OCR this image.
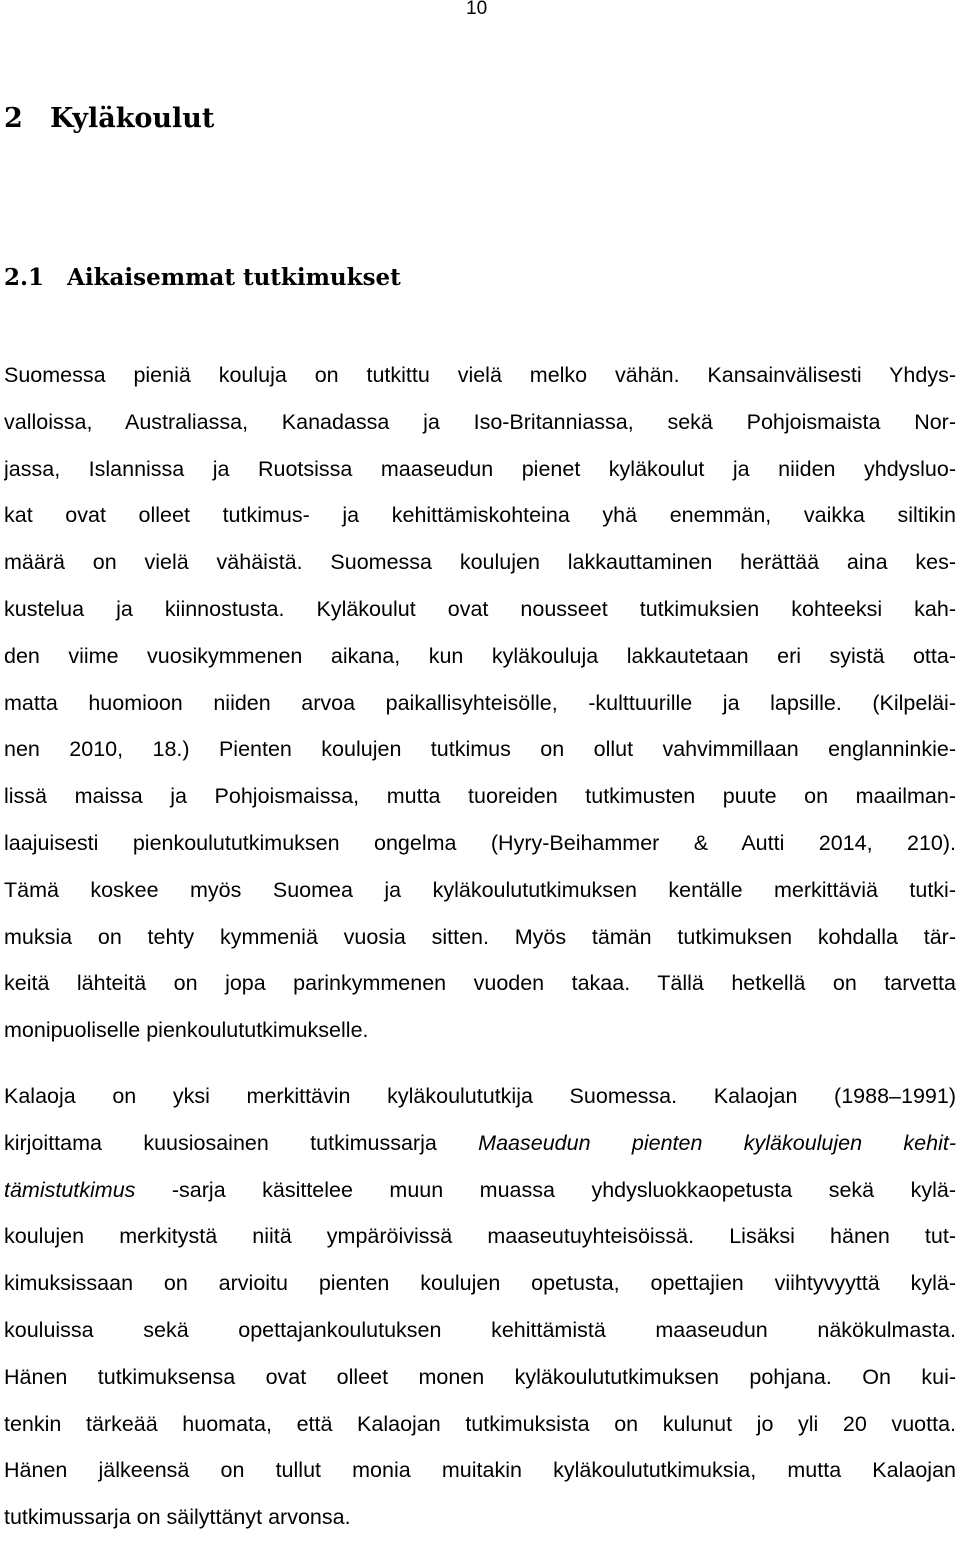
10
2 Kyläkoulut
2.1 Aikaisemmat tutkimukset
Suomessa pieniä kouluja on tutkittu vielä melko vähän. Kansainvälisesti Yhdys-
valloissa, Australiassa, Kanadassa ja Iso-Britanniassa, sekä Pohjoismaista Nor-
jassa, Islannissa ja Ruotsissa maaseudun pienet kyläkoulut ja niiden yhdysluo-
kat ovat olleet tutkimus- ja kehittämiskohteina yhä enemmän, vaikka siltikin
määrä on vielä vähäistä. Suomessa koulujen lakkauttaminen herättää aina kes-
kustelua ja kiinnostusta. Kyläkoulut ovat nousseet tutkimuksien kohteeksi kah-
den viime vuosikymmenen aikana, kun kyläkouluja lakkautetaan eri syistä otta-
matta huomioon niiden arvoa paikallisyhteisölle, -kulttuurille ja lapsille. (Kilpeläi-
nen 2010, 18.) Pienten koulujen tutkimus on ollut vahvimmillaan englanninkie-
lissä maissa ja Pohjoismaissa, mutta tuoreiden tutkimusten puute on maailman-
laajuisesti pienkoulututkimuksen ongelma (Hyry-Beihammer & Autti 2014, 210).
Tämä koskee myös Suomea ja kyläkoulututkimuksen kentälle merkittäviä tutki-
muksia on tehty kymmeniä vuosia sitten. Myös tämän tutkimuksen kohdalla tär-
keitä lähteitä on jopa parinkymmenen vuoden takaa. Tällä hetkellä on tarvetta
monipuoliselle pienkoulututkimukselle.
Kalaoja on yksi merkittävin kyläkoulututkija Suomessa. Kalaojan (1988–1991)
kirjoittama kuusiosainen tutkimussarja Maaseudun pienten kyläkoulujen kehit-
tämistutkimus -sarja käsittelee muun muassa yhdysluokkaopetusta sekä kylä-
koulujen merkitystä niitä ympäröivissä maaseutuyhteisöissä. Lisäksi hänen tut-
kimuksissaan on arvioitu pienten koulujen opetusta, opettajien viihtyvyyttä kylä-
kouluissa sekä opettajankoulutuksen kehittämistä maaseudun näkökulmasta.
Hänen tutkimuksensa ovat olleet monen kyläkoulututkimuksen pohjana. On kui-
tenkin tärkeää huomata, että Kalaojan tutkimuksista on kulunut jo yli 20 vuotta.
Hänen jälkeensä on tullut monia muitakin kyläkoulututkimuksia, mutta Kalaojan
tutkimussarja on säilyttänyt arvonsa.
